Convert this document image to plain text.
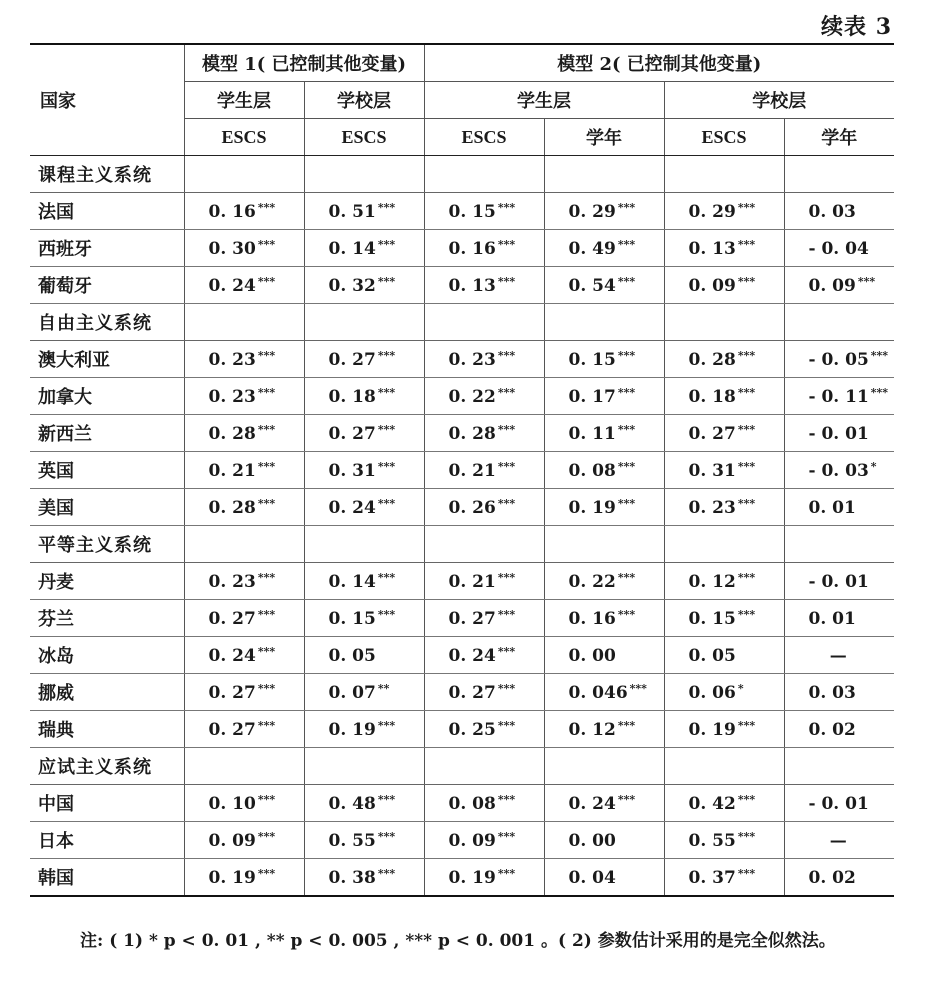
续表 3
	模型 1( 已控制其他变量)		模型 2( 已控制其他变量)			
国家	学生层	学校层	学生层		学校层	
	ESCS	ESCS	ESCS	学年	ESCS	学年
课程主义系统						
法国	0. 16 ***	0. 51 ***	0. 15 ***	0. 29 ***	0. 29 ***	0. 03
西班牙	0. 30 ***	0. 14 ***	0. 16 ***	0. 49 ***	0. 13 ***	- 0. 04
葡萄牙	0. 24 ***	0. 32 ***	0. 13 ***	0. 54 ***	0. 09 ***	0. 09 ***
自由主义系统						
澳大利亚	0. 23 ***	0. 27 ***	0. 23 ***	0. 15 ***	0. 28 ***	- 0. 05 ***
加拿大	0. 23 ***	0. 18 ***	0. 22 ***	0. 17 ***	0. 18 ***	- 0. 11 ***
新西兰	0. 28 ***	0. 27 ***	0. 28 ***	0. 11 ***	0. 27 ***	- 0. 01
英国	0. 21 ***	0. 31 ***	0. 21 ***	0. 08 ***	0. 31 ***	- 0. 03 *
美国	0. 28 ***	0. 24 ***	0. 26 ***	0. 19 ***	0. 23 ***	0. 01
平等主义系统						
丹麦	0. 23 ***	0. 14 ***	0. 21 ***	0. 22 ***	0. 12 ***	- 0. 01
芬兰	0. 27 ***	0. 15 ***	0. 27 ***	0. 16 ***	0. 15 ***	0. 01
冰岛	0. 24 ***	0. 05	0. 24 ***	0. 00	0. 05	—
挪威	0. 27 ***	0. 07 **	0. 27 ***	0. 046 ***	0. 06 *	0. 03
瑞典	0. 27 ***	0. 19 ***	0. 25 ***	0. 12 ***	0. 19 ***	0. 02
应试主义系统						
中国	0. 10 ***	0. 48 ***	0. 08 ***	0. 24 ***	0. 42 ***	- 0. 01
日本	0. 09 ***	0. 55 ***	0. 09 ***	0. 00	0. 55 ***	—
韩国	0. 19 ***	0. 38 ***	0. 19 ***	0. 04	0. 37 ***	0. 02
注: ( 1) * p < 0. 01 , ** p < 0. 005 , *** p < 0. 001 。( 2) 参数估计采用的是完全似然法。
